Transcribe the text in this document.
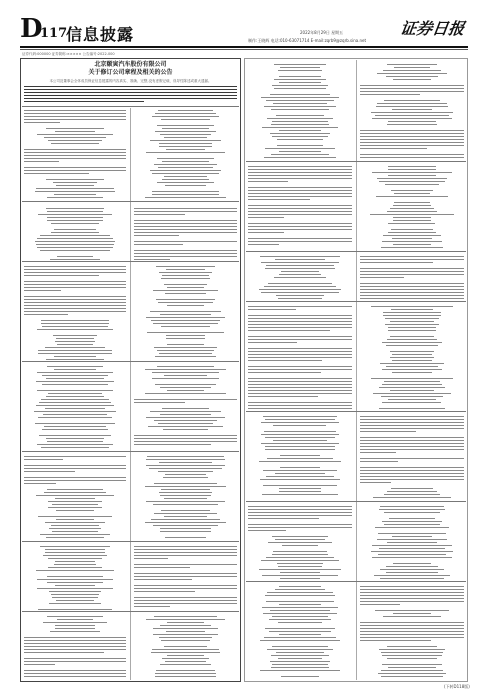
D
117
信息披露	2022年8月29日 星期五
制作:王晓辉 电话:010-63071714 E-mail:zqrb9@zqrb.sina.net
证券日报
证券代码:000000 证券简称:××××× 公告编号:2022-000
北京颐寅汽车股份有限公司
关于修订公司章程及相关的公告
本公司及董事会全体成员保证信息披露的内容真实、准确、完整,没有虚假记载、误导性陈述或重大遗漏。
(下转D118版)
